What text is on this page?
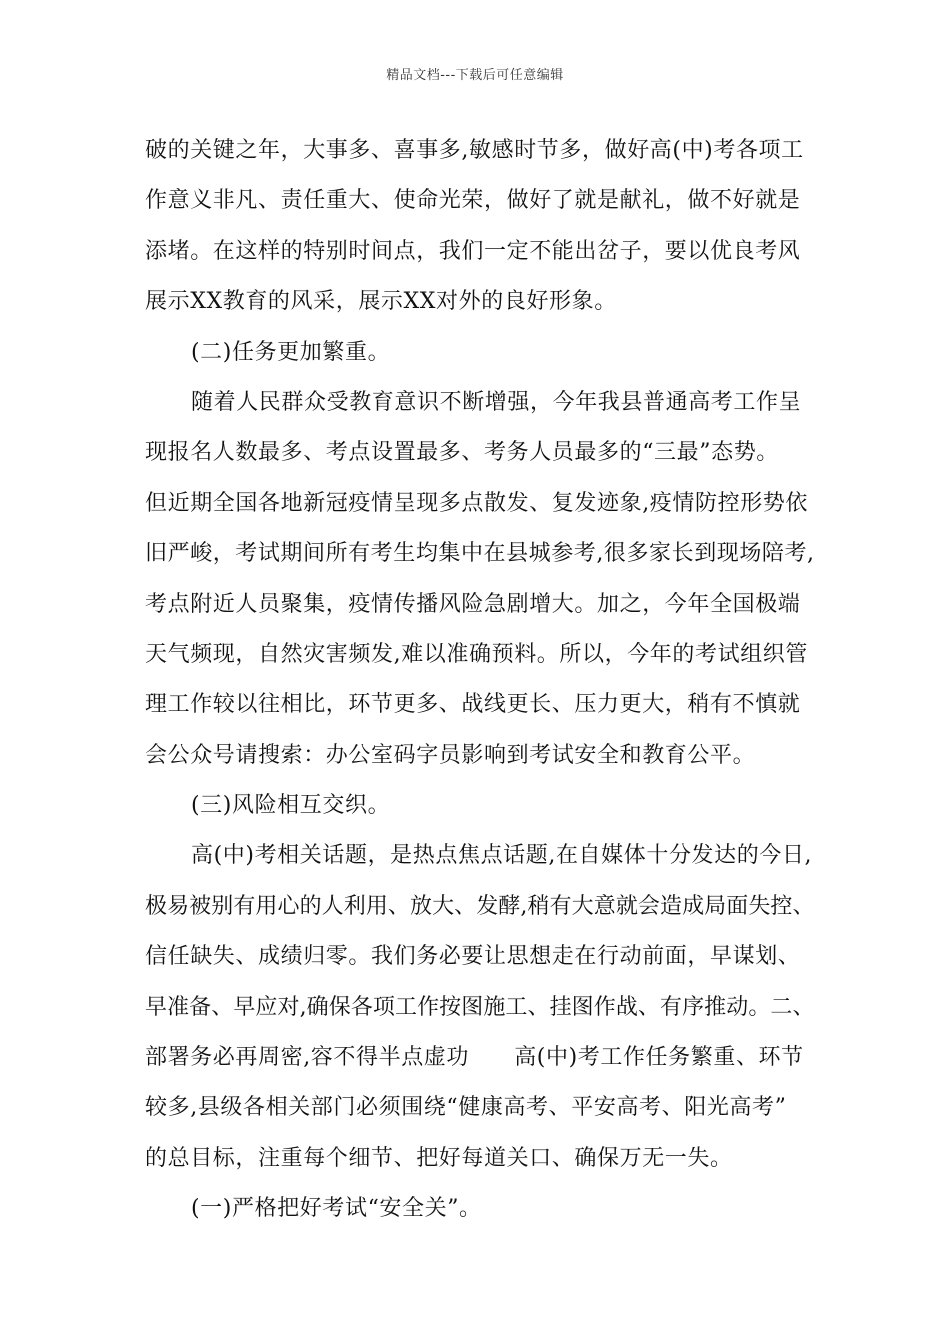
精品文档---下载后可任意编辑
破的关键之年，大事多、喜事多,敏感时节多，做好高(中)考各项工
作意义非凡、责任重大、使命光荣，做好了就是献礼，做不好就是
添堵。在这样的特别时间点，我们一定不能出岔子，要以优良考风
展示XX教育的风采，展示XX对外的良好形象。
(二)任务更加繁重。
随着人民群众受教育意识不断增强，今年我县普通高考工作呈
现报名人数最多、考点设置最多、考务人员最多的“三最”态势。
但近期全国各地新冠疫情呈现多点散发、复发迹象,疫情防控形势依
旧严峻，考试期间所有考生均集中在县城参考,很多家长到现场陪考,
考点附近人员聚集，疫情传播风险急剧增大。加之，今年全国极端
天气频现，自然灾害频发,难以准确预料。所以，今年的考试组织管
理工作较以往相比，环节更多、战线更长、压力更大，稍有不慎就
会公众号请搜索：办公室码字员影响到考试安全和教育公平。
(三)风险相互交织。
高(中)考相关话题，是热点焦点话题,在自媒体十分发达的今日,
极易被别有用心的人利用、放大、发酵,稍有大意就会造成局面失控、
信任缺失、成绩归零。我们务必要让思想走在行动前面，早谋划、
早准备、早应对,确保各项工作按图施工、挂图作战、有序推动。二、
部署务必再周密,容不得半点虚功　　高(中)考工作任务繁重、环节
较多,县级各相关部门必须围绕“健康高考、平安高考、阳光高考”
的总目标，注重每个细节、把好每道关口、确保万无一失。
(一)严格把好考试“安全关”。
